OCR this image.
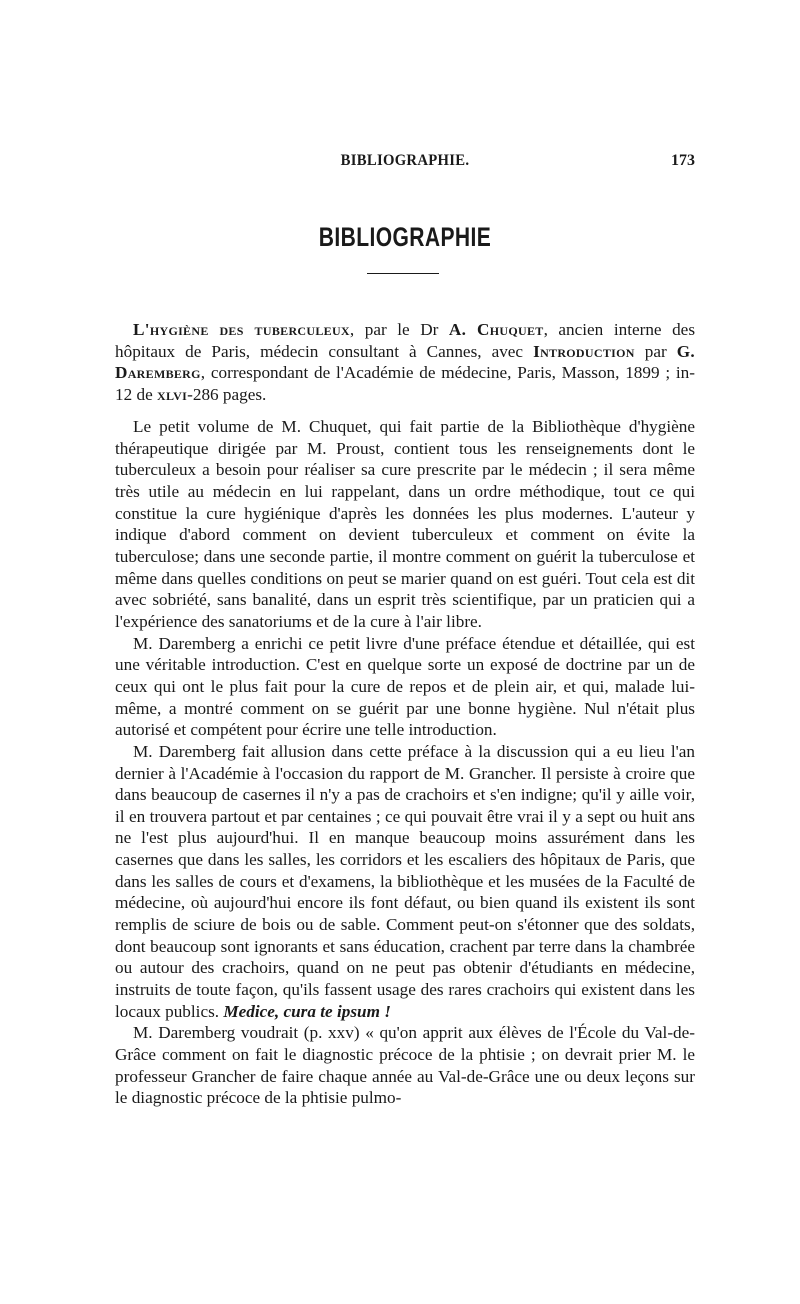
BIBLIOGRAPHIE.	173
BIBLIOGRAPHIE
L'hygiène des tuberculeux, par le Dr A. Chuquet, ancien interne des hôpitaux de Paris, médecin consultant à Cannes, avec Introduction par G. Daremberg, correspondant de l'Académie de médecine, Paris, Masson, 1899 ; in-12 de xlvi-286 pages.

Le petit volume de M. Chuquet, qui fait partie de la Bibliothèque d'hygiène thérapeutique dirigée par M. Proust, contient tous les renseignements dont le tuberculeux a besoin pour réaliser sa cure prescrite par le médecin ; il sera même très utile au médecin en lui rappelant, dans un ordre méthodique, tout ce qui constitue la cure hygiénique d'après les données les plus modernes. L'auteur y indique d'abord comment on devient tuberculeux et comment on évite la tuberculose; dans une seconde partie, il montre comment on guérit la tuberculose et même dans quelles conditions on peut se marier quand on est guéri. Tout cela est dit avec sobriété, sans banalité, dans un esprit très scientifique, par un praticien qui a l'expérience des sanatoriums et de la cure à l'air libre.

M. Daremberg a enrichi ce petit livre d'une préface étendue et détaillée, qui est une véritable introduction. C'est en quelque sorte un exposé de doctrine par un de ceux qui ont le plus fait pour la cure de repos et de plein air, et qui, malade lui-même, a montré comment on se guérit par une bonne hygiène. Nul n'était plus autorisé et compétent pour écrire une telle introduction.

M. Daremberg fait allusion dans cette préface à la discussion qui a eu lieu l'an dernier à l'Académie à l'occasion du rapport de M. Grancher. Il persiste à croire que dans beaucoup de casernes il n'y a pas de crachoirs et s'en indigne; qu'il y aille voir, il en trouvera partout et par centaines ; ce qui pouvait être vrai il y a sept ou huit ans ne l'est plus aujourd'hui. Il en manque beaucoup moins assurément dans les casernes que dans les salles, les corridors et les escaliers des hôpitaux de Paris, que dans les salles de cours et d'examens, la bibliothèque et les musées de la Faculté de médecine, où aujourd'hui encore ils font défaut, ou bien quand ils existent ils sont remplis de sciure de bois ou de sable. Comment peut-on s'étonner que des soldats, dont beaucoup sont ignorants et sans éducation, crachent par terre dans la chambrée ou autour des crachoirs, quand on ne peut pas obtenir d'étudiants en médecine, instruits de toute façon, qu'ils fassent usage des rares crachoirs qui existent dans les locaux publics. Medice, cura te ipsum !

M. Daremberg voudrait (p. xxv) « qu'on apprit aux élèves de l'École du Val-de-Grâce comment on fait le diagnostic précoce de la phtisie ; on devrait prier M. le professeur Grancher de faire chaque année au Val-de-Grâce une ou deux leçons sur le diagnostic précoce de la phtisie pulmo-
